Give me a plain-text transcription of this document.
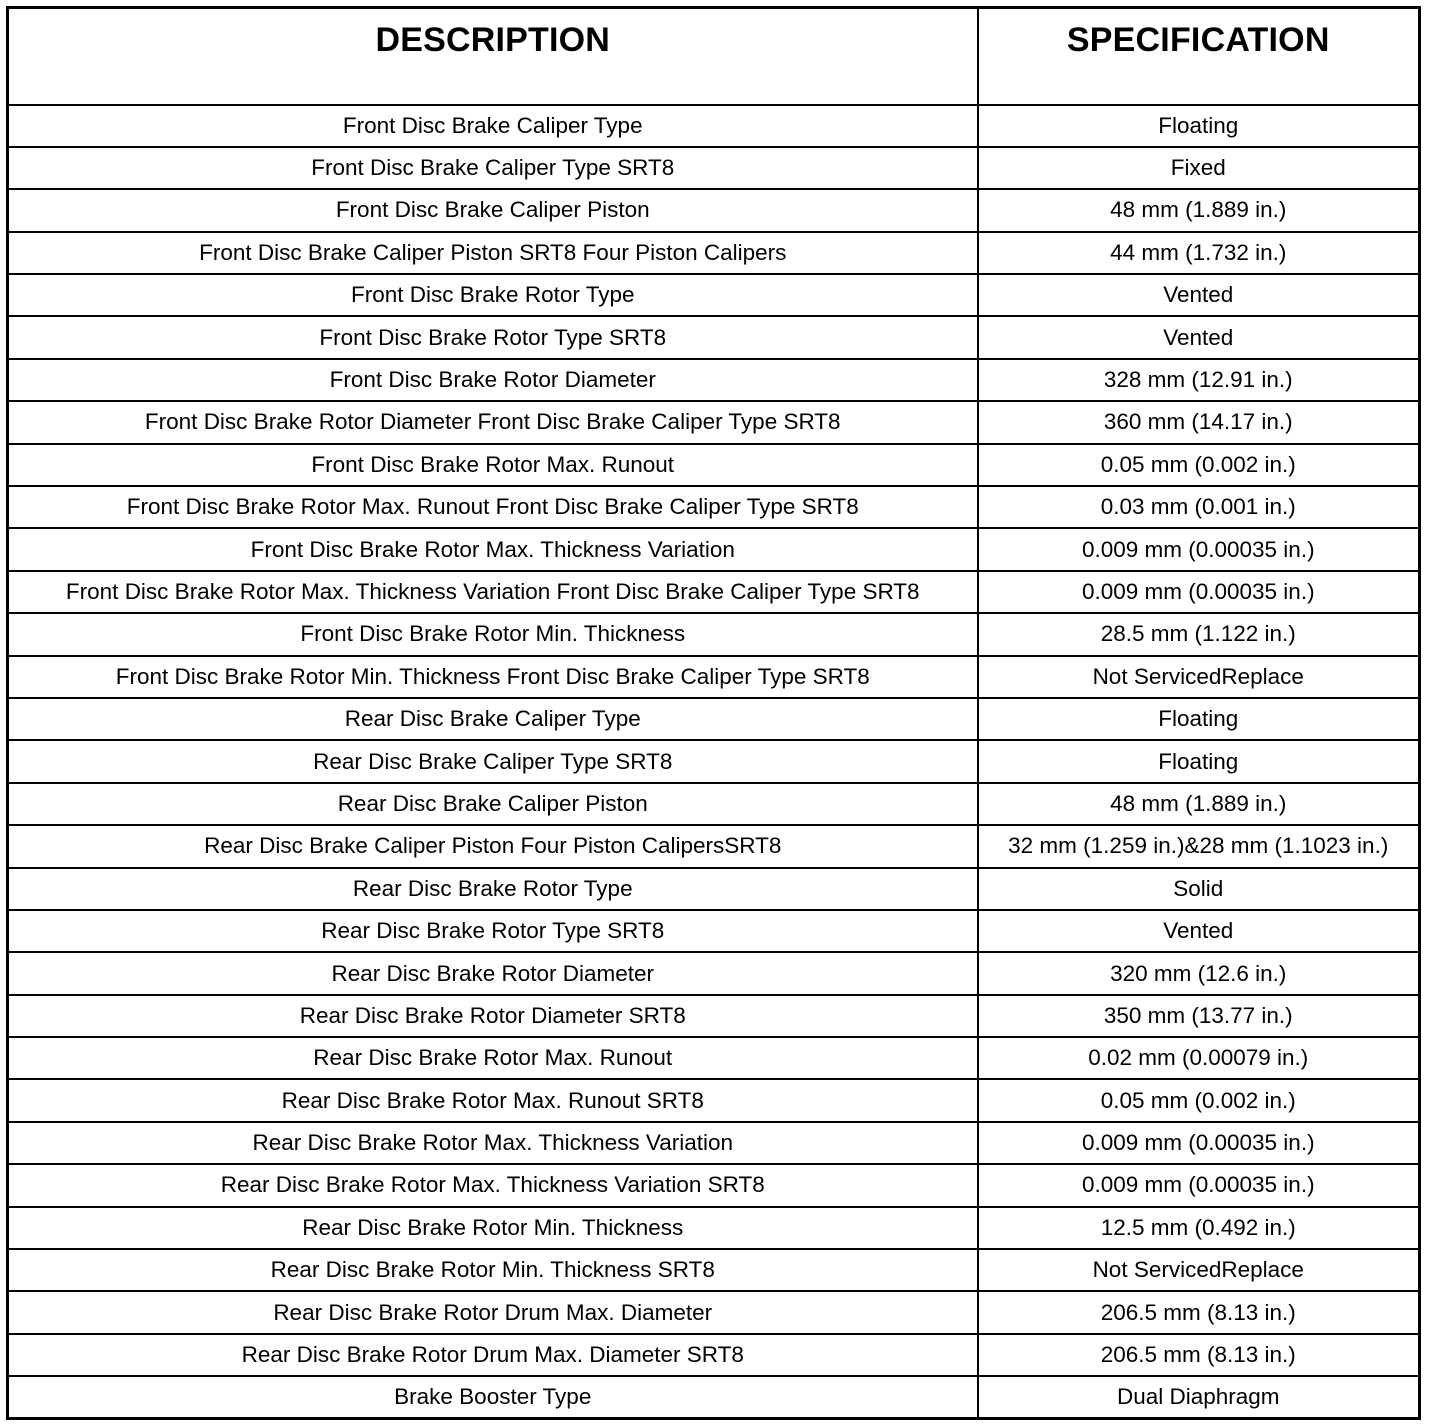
DESCRIPTION	SPECIFICATION
Front Disc Brake Caliper Type	Floating
Front Disc Brake Caliper Type SRT8	Fixed
Front Disc Brake Caliper Piston	48 mm (1.889 in.)
Front Disc Brake Caliper Piston SRT8 Four Piston Calipers	44 mm (1.732 in.)
Front Disc Brake Rotor Type	Vented
Front Disc Brake Rotor Type SRT8	Vented
Front Disc Brake Rotor Diameter	328 mm (12.91 in.)
Front Disc Brake Rotor Diameter Front Disc Brake Caliper Type SRT8	360 mm (14.17 in.)
Front Disc Brake Rotor Max. Runout	0.05 mm (0.002 in.)
Front Disc Brake Rotor Max. Runout Front Disc Brake Caliper Type SRT8	0.03 mm (0.001 in.)
Front Disc Brake Rotor Max. Thickness Variation	0.009 mm (0.00035 in.)
Front Disc Brake Rotor Max. Thickness Variation Front Disc Brake Caliper Type SRT8	0.009 mm (0.00035 in.)
Front Disc Brake Rotor Min. Thickness	28.5 mm (1.122 in.)
Front Disc Brake Rotor Min. Thickness Front Disc Brake Caliper Type SRT8	Not ServicedReplace
Rear Disc Brake Caliper Type	Floating
Rear Disc Brake Caliper Type SRT8	Floating
Rear Disc Brake Caliper Piston	48 mm (1.889 in.)
Rear Disc Brake Caliper Piston Four Piston CalipersSRT8	32 mm (1.259 in.)&28 mm (1.1023 in.)
Rear Disc Brake Rotor Type	Solid
Rear Disc Brake Rotor Type SRT8	Vented
Rear Disc Brake Rotor Diameter	320 mm (12.6 in.)
Rear Disc Brake Rotor Diameter SRT8	350 mm (13.77 in.)
Rear Disc Brake Rotor Max. Runout	0.02 mm (0.00079 in.)
Rear Disc Brake Rotor Max. Runout SRT8	0.05 mm (0.002 in.)
Rear Disc Brake Rotor Max. Thickness Variation	0.009 mm (0.00035 in.)
Rear Disc Brake Rotor Max. Thickness Variation SRT8	0.009 mm (0.00035 in.)
Rear Disc Brake Rotor Min. Thickness	12.5 mm (0.492 in.)
Rear Disc Brake Rotor Min. Thickness SRT8	Not ServicedReplace
Rear Disc Brake Rotor Drum Max. Diameter	206.5 mm (8.13 in.)
Rear Disc Brake Rotor Drum Max. Diameter SRT8	206.5 mm (8.13 in.)
Brake Booster Type	Dual Diaphragm
